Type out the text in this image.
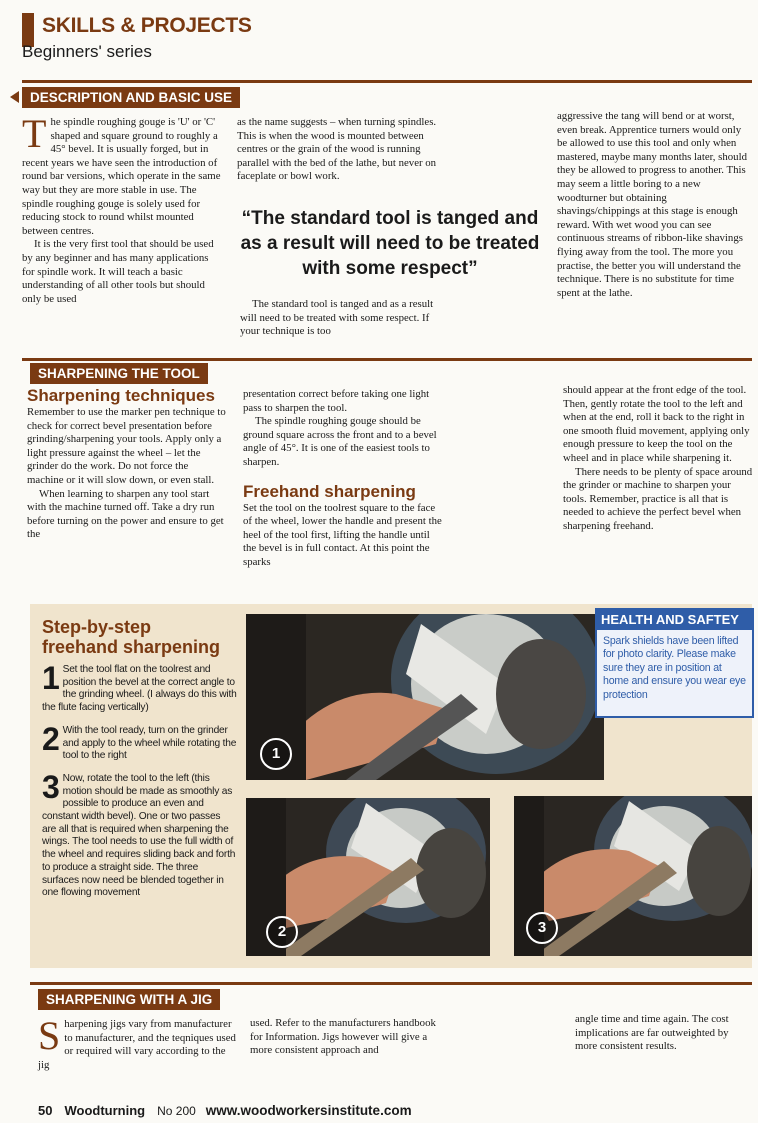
SKILLS & PROJECTS
Beginners' series
DESCRIPTION AND BASIC USE

The spindle roughing gouge is 'U' or 'C' shaped and square ground to roughly a 45° bevel. It is usually forged, but in recent years we have seen the introduction of round bar versions, which operate in the same way but they are more stable in use. The spindle roughing gouge is solely used for reducing stock to round whilst mounted between centres.

It is the very first tool that should be used by any beginner and has many applications for spindle work. It will teach a basic understanding of all other tools but should only be used

as the name suggests – when turning spindles. This is when the wood is mounted between centres or the grain of the wood is running parallel with the bed of the lathe, but never on faceplate or bowl work.
“The standard tool is tanged and as a result will need to be treated with some respect”
The standard tool is tanged and as a result will need to be treated with some respect. If your technique is too
aggressive the tang will bend or at worst, even break. Apprentice turners would only be allowed to use this tool and only when mastered, maybe many months later, should they be allowed to progress to another. This may seem a little boring to a new woodturner but obtaining shavings/chippings at this stage is enough reward. With wet wood you can see continuous streams of ribbon-like shavings flying away from the tool. The more you practise, the better you will understand the technique. There is no substitute for time spent at the lathe.
SHARPENING THE TOOL
Sharpening techniques

Remember to use the marker pen technique to check for correct bevel presentation before grinding/sharpening your tools. Apply only a light pressure against the wheel – let the grinder do the work. Do not force the machine or it will slow down, or even stall.

When learning to sharpen any tool start with the machine turned off. Take a dry run before turning on the power and ensure to get the

presentation correct before taking one light pass to sharpen the tool.

The spindle roughing gouge should be ground square across the front and to a bevel angle of 45°. It is one of the easiest tools to sharpen.

Freehand sharpening
Set the tool on the toolrest square to the face of the wheel, lower the handle and present the heel of the tool first, lifting the handle until the bevel is in full contact. At this point the sparks

should appear at the front edge of the tool. Then, gently rotate the tool to the left and when at the end, roll it back to the right in one smooth fluid movement, applying only enough pressure to keep the tool on the wheel and in place while sharpening it.

There needs to be plenty of space around the grinder or machine to sharpen your tools. Remember, practice is all that is needed to achieve the perfect bevel when sharpening freehand.

Step-by-step
freehand sharpening
1 Set the tool flat on the toolrest and position the bevel at the correct angle to the grinding wheel. (I always do this with the flute facing vertically)
2 With the tool ready, turn on the grinder and apply to the wheel while rotating the tool to the right
3 Now, rotate the tool to the left (this motion should be made as smoothly as possible to produce an even and constant width bevel). One or two passes are all that is required when sharpening the wings. The tool needs to use the full width of the wheel and requires sliding back and forth to produce a straight side. The three surfaces now need be blended together in one flowing movement
1
HEALTH AND SAFTEY
Spark shields have been lifted for photo clarity. Please make sure they are in position at home and ensure you wear eye protection
2	3
SHARPENING WITH A JIG

Sharpening jigs vary from manufacturer to manufacturer, and the teqniques used or required will vary according to the jig

used. Refer to the manufacturers handbook for Information. Jigs however will give a more consistent approach and
angle time and time again. The cost implications are far outweighted by more consistent results.
50 Woodturning No 200 www.woodworkersinstitute.com
